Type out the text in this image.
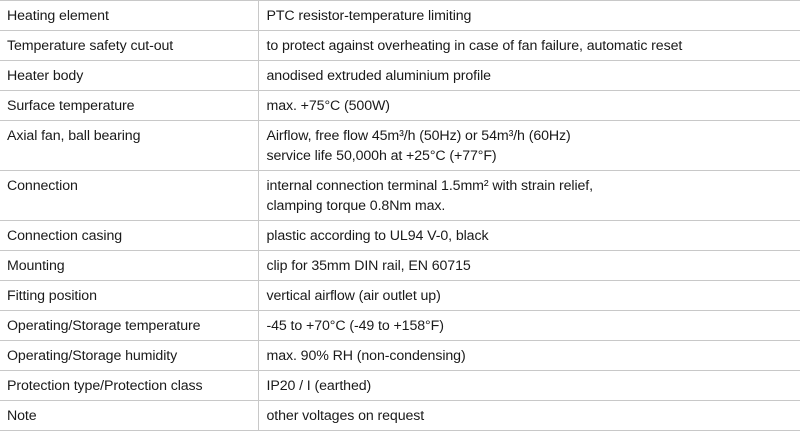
Heating element	PTC resistor-temperature limiting

Temperature safety cut-out	to protect against overheating in case of fan failure, automatic reset

Heater body	anodised extruded aluminium profile

Surface temperature	max. +75°C (500W)

Axial fan, ball bearing	Airflow, free flow 45m³/h (50Hz) or 54m³/h (60Hz)
service life 50,000h at +25°C (+77°F)

Connection	internal connection terminal 1.5mm² with strain relief,
clamping torque 0.8Nm max.

Connection casing	plastic according to UL94 V-0, black

Mounting	clip for 35mm DIN rail, EN 60715

Fitting position	vertical airflow (air outlet up)

Operating/Storage temperature	-45 to +70°C (-49 to +158°F)

Operating/Storage humidity	max. 90% RH (non-condensing)

Protection type/Protection class	IP20 / I (earthed)

Note	other voltages on request
